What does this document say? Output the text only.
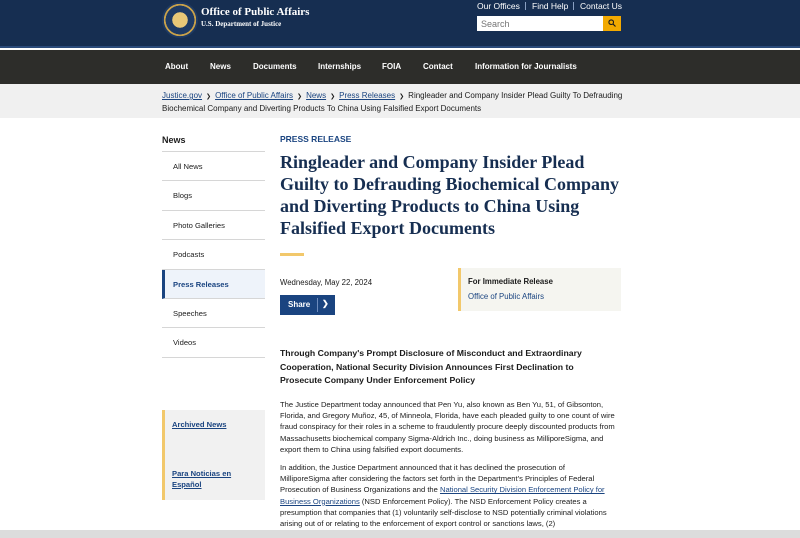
Office of Public Affairs
U.S. Department of Justice
Our Offices Find Help Contact Us
Search
About	News	Documents	Internships	FOIA	Contact	Information for Journalists
Justice.gov ❯ Office of Public Affairs ❯ News ❯ Press Releases ❯ Ringleader and Company Insider Plead Guilty To Defrauding Biochemical Company and Diverting Products To China Using Falsified Export Documents
News
All News
Blogs
Photo Galleries
Podcasts
Press Releases
Speeches
Videos
Archived News
Para Noticias en Español
PRESS RELEASE
Ringleader and Company Insider Plead Guilty to Defrauding Biochemical Company and Diverting Products to China Using Falsified Export Documents
Wednesday, May 22, 2024
Share ❯
For Immediate Release
Office of Public Affairs
Through Company's Prompt Disclosure of Misconduct and Extraordinary Cooperation, National Security Division Announces First Declination to Prosecute Company Under Enforcement Policy

The Justice Department today announced that Pen Yu, also known as Ben Yu, 51, of Gibsonton, Florida, and Gregory Muñoz, 45, of Minneola, Florida, have each pleaded guilty to one count of wire fraud conspiracy for their roles in a scheme to fraudulently procure deeply discounted products from Massachusetts biochemical company Sigma-Aldrich Inc., doing business as MilliporeSigma, and export them to China using falsified export documents.

In addition, the Justice Department announced that it has declined the prosecution of MilliporeSigma after considering the factors set forth in the Department's Principles of Federal Prosecution of Business Organizations and the National Security Division Enforcement Policy for Business Organizations (NSD Enforcement Policy). The NSD Enforcement Policy creates a presumption that companies that (1) voluntarily self-disclose to NSD potentially criminal violations arising out of or relating to the enforcement of export control or sanctions laws, (2)
